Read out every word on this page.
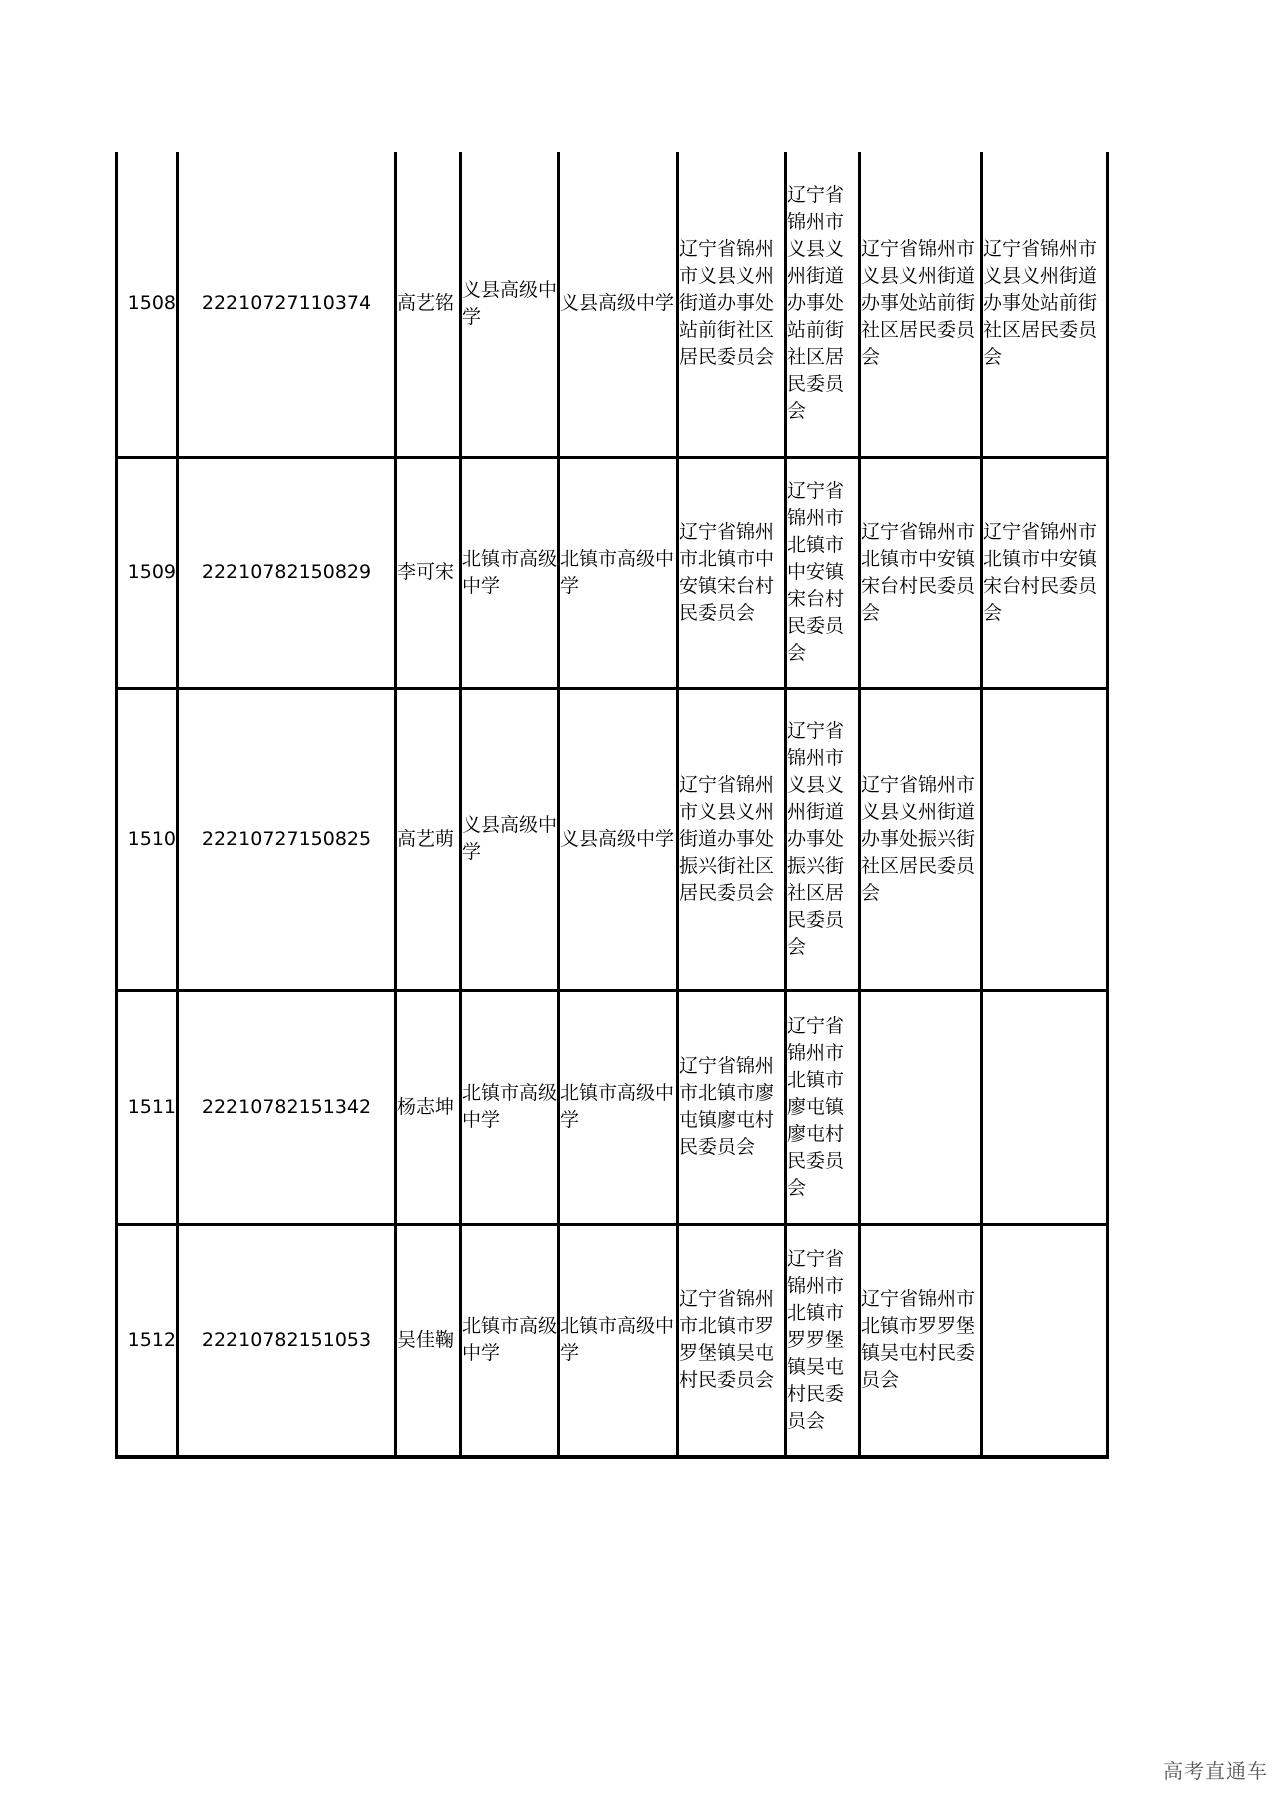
1508	22210727110374	高艺铭	义县高级中学	义县高级中学	辽宁省锦州市义县义州街道办事处站前街社区居民委员会	辽宁省锦州市义县义州街道办事处站前街社区居民委员会	辽宁省锦州市义县义州街道办事处站前街社区居民委员会	辽宁省锦州市义县义州街道办事处站前街社区居民委员会
1509	22210782150829	李可宋	北镇市高级中学	北镇市高级中学	辽宁省锦州市北镇市中安镇宋台村民委员会	辽宁省锦州市北镇市中安镇宋台村民委员会	辽宁省锦州市北镇市中安镇宋台村民委员会	辽宁省锦州市北镇市中安镇宋台村民委员会
1510	22210727150825	高艺萌	义县高级中学	义县高级中学	辽宁省锦州市义县义州街道办事处振兴街社区居民委员会	辽宁省锦州市义县义州街道办事处振兴街社区居民委员会	辽宁省锦州市义县义州街道办事处振兴街社区居民委员会	
1511	22210782151342	杨志坤	北镇市高级中学	北镇市高级中学	辽宁省锦州市北镇市廖屯镇廖屯村民委员会	辽宁省锦州市北镇市廖屯镇廖屯村民委员会		
1512	22210782151053	吴佳鞠	北镇市高级中学	北镇市高级中学	辽宁省锦州市北镇市罗罗堡镇吴屯村民委员会	辽宁省锦州市北镇市罗罗堡镇吴屯村民委员会	辽宁省锦州市北镇市罗罗堡镇吴屯村民委员会	
高考直通车
